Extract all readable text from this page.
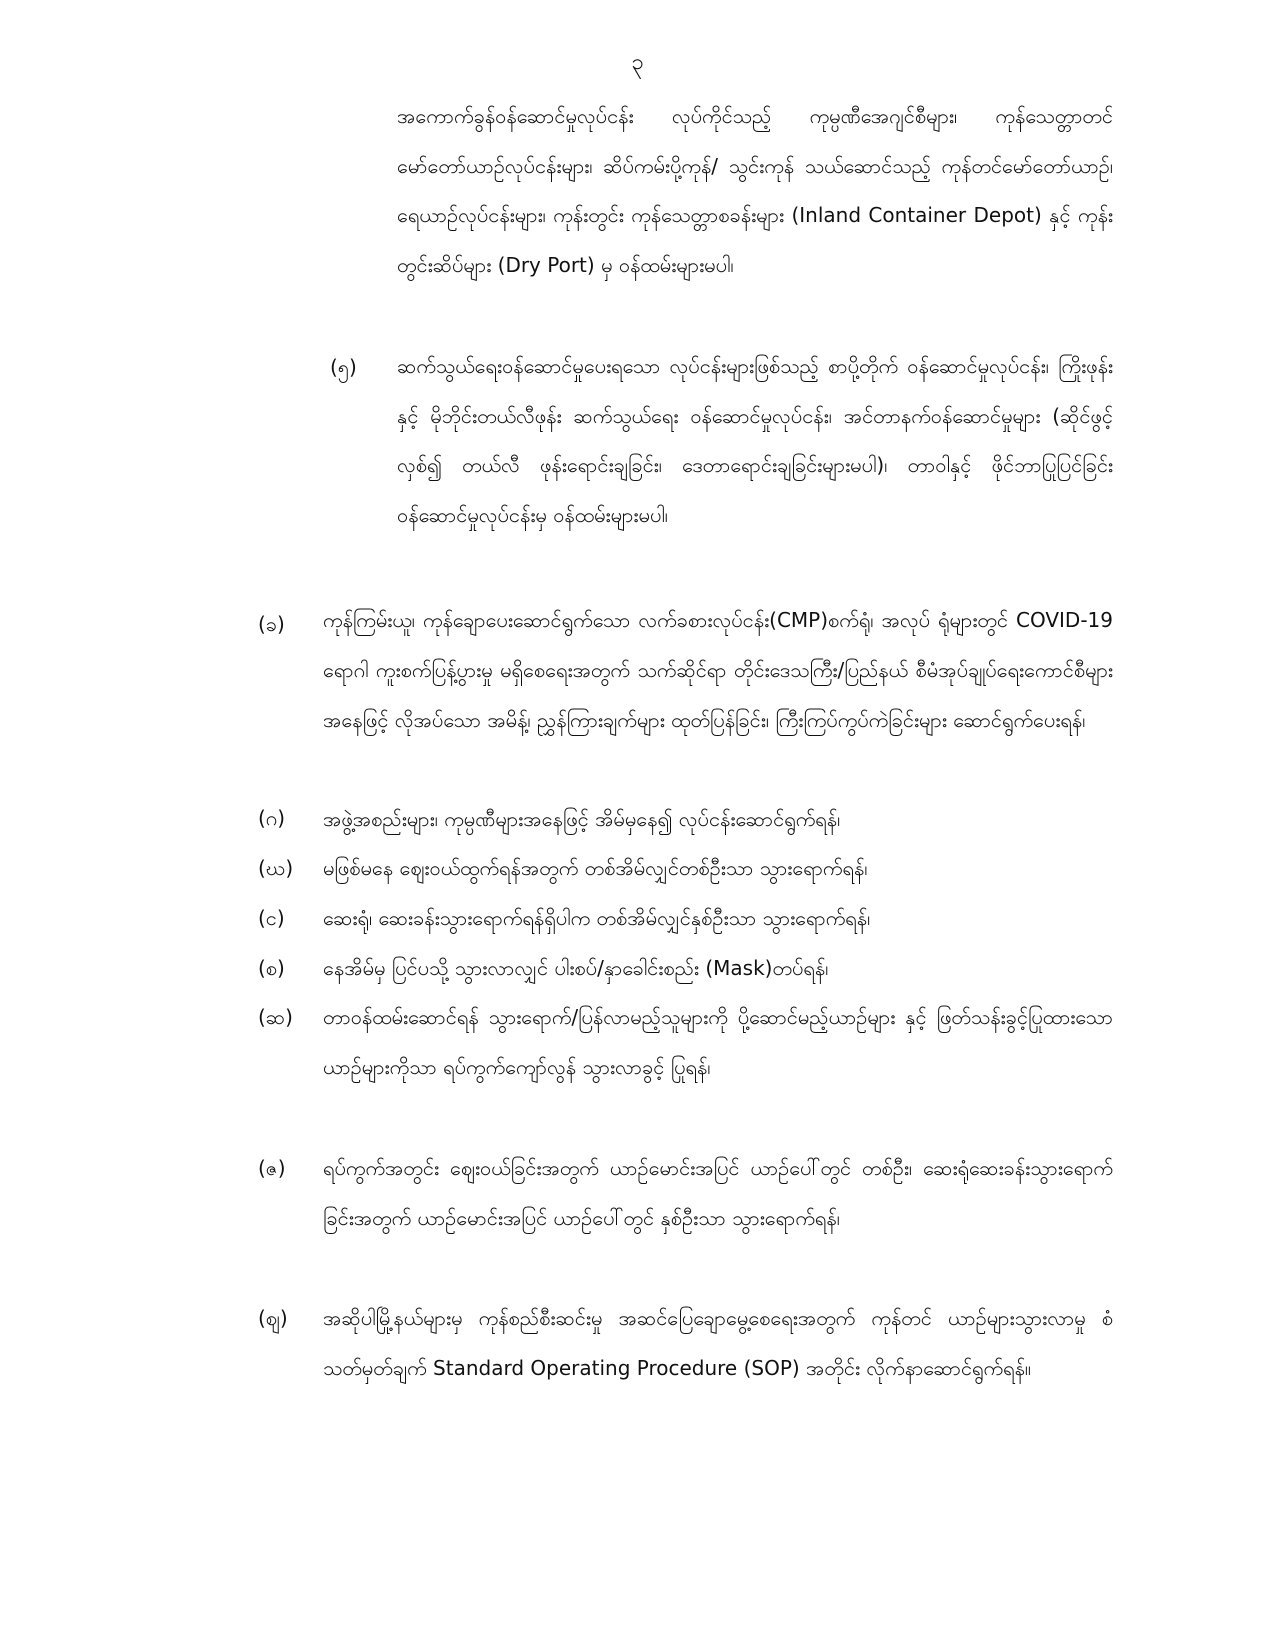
၃
အကောက်ခွန်ဝန်ဆောင်မှုလုပ်ငန်း လုပ်ကိုင်သည့် ကုမ္ပဏီအေဂျင်စီများ၊ ကုန်သေတ္တာတင် မော်တော်ယာဉ်လုပ်ငန်းများ၊ ဆိပ်ကမ်းပို့ကုန်/ သွင်းကုန် သယ်ဆောင်သည့် ကုန်တင်မော်တော်ယာဉ်၊ ရေယာဉ်လုပ်ငန်းများ၊ ကုန်းတွင်း ကုန်သေတ္တာစခန်းများ (Inland Container Depot) နှင့် ကုန်းတွင်းဆိပ်များ (Dry Port) မှ ဝန်ထမ်းများမပါ၊
(၅) ဆက်သွယ်ရေးဝန်ဆောင်မှုပေးရသော လုပ်ငန်းများဖြစ်သည့် စာပို့တိုက် ဝန်ဆောင်မှုလုပ်ငန်း၊ ကြိုးဖုန်းနှင့် မိုဘိုင်းတယ်လီဖုန်း ဆက်သွယ်ရေး ဝန်ဆောင်မှုလုပ်ငန်း၊ အင်တာနက်ဝန်ဆောင်မှုများ (ဆိုင်ဖွင့်လှစ်၍ တယ်လီ ဖုန်းရောင်းချခြင်း၊ ဒေတာရောင်းချခြင်းများမပါ)၊ တာဝါနှင့် ဖိုင်ဘာပြုပြင်ခြင်း ဝန်ဆောင်မှုလုပ်ငန်းမှ ဝန်ထမ်းများမပါ၊
(ခ) ကုန်ကြမ်းယူ၊ ကုန်ချောပေးဆောင်ရွက်သော လက်ခစားလုပ်ငန်း(CMP)စက်ရုံ၊ အလုပ် ရုံများတွင် COVID-19 ရောဂါ ကူးစက်ပြန့်ပွားမှု မရှိစေရေးအတွက် သက်ဆိုင်ရာ တိုင်းဒေသကြီး/ပြည်နယ် စီမံအုပ်ချုပ်ရေးကောင်စီများအနေဖြင့် လိုအပ်သော အမိန့်၊ ညွှန်ကြားချက်များ ထုတ်ပြန်ခြင်း၊ ကြီးကြပ်ကွပ်ကဲခြင်းများ ဆောင်ရွက်ပေးရန်၊
(ဂ) အဖွဲ့အစည်းများ၊ ကုမ္ပဏီများအနေဖြင့် အိမ်မှနေ၍ လုပ်ငန်းဆောင်ရွက်ရန်၊
(ဃ) မဖြစ်မနေ ဈေးဝယ်ထွက်ရန်အတွက် တစ်အိမ်လျှင်တစ်ဦးသာ သွားရောက်ရန်၊
(င) ဆေးရုံ၊ ဆေးခန်းသွားရောက်ရန်ရှိပါက တစ်အိမ်လျှင်နှစ်ဦးသာ သွားရောက်ရန်၊
(စ) နေအိမ်မှ ပြင်ပသို့ သွားလာလျှင် ပါးစပ်/နှာခေါင်းစည်း (Mask)တပ်ရန်၊
(ဆ) တာဝန်ထမ်းဆောင်ရန် သွားရောက်/ပြန်လာမည့်သူများကို ပို့ဆောင်မည့်ယာဉ်များ နှင့် ဖြတ်သန်းခွင့်ပြုထားသော ယာဉ်များကိုသာ ရပ်ကွက်ကျော်လွန် သွားလာခွင့် ပြုရန်၊
(ဇ) ရပ်ကွက်အတွင်း ဈေးဝယ်ခြင်းအတွက် ယာဉ်မောင်းအပြင် ယာဉ်ပေါ်တွင် တစ်ဦး၊ ဆေးရုံဆေးခန်းသွားရောက်ခြင်းအတွက် ယာဉ်မောင်းအပြင် ယာဉ်ပေါ်တွင် နှစ်ဦးသာ သွားရောက်ရန်၊
(ဈ) အဆိုပါမြို့နယ်များမှ ကုန်စည်စီးဆင်းမှု အဆင်ပြေချောမွေ့စေရေးအတွက် ကုန်တင် ယာဉ်များသွားလာမှု စံသတ်မှတ်ချက် Standard Operating Procedure (SOP) အတိုင်း လိုက်နာဆောင်ရွက်ရန်။
